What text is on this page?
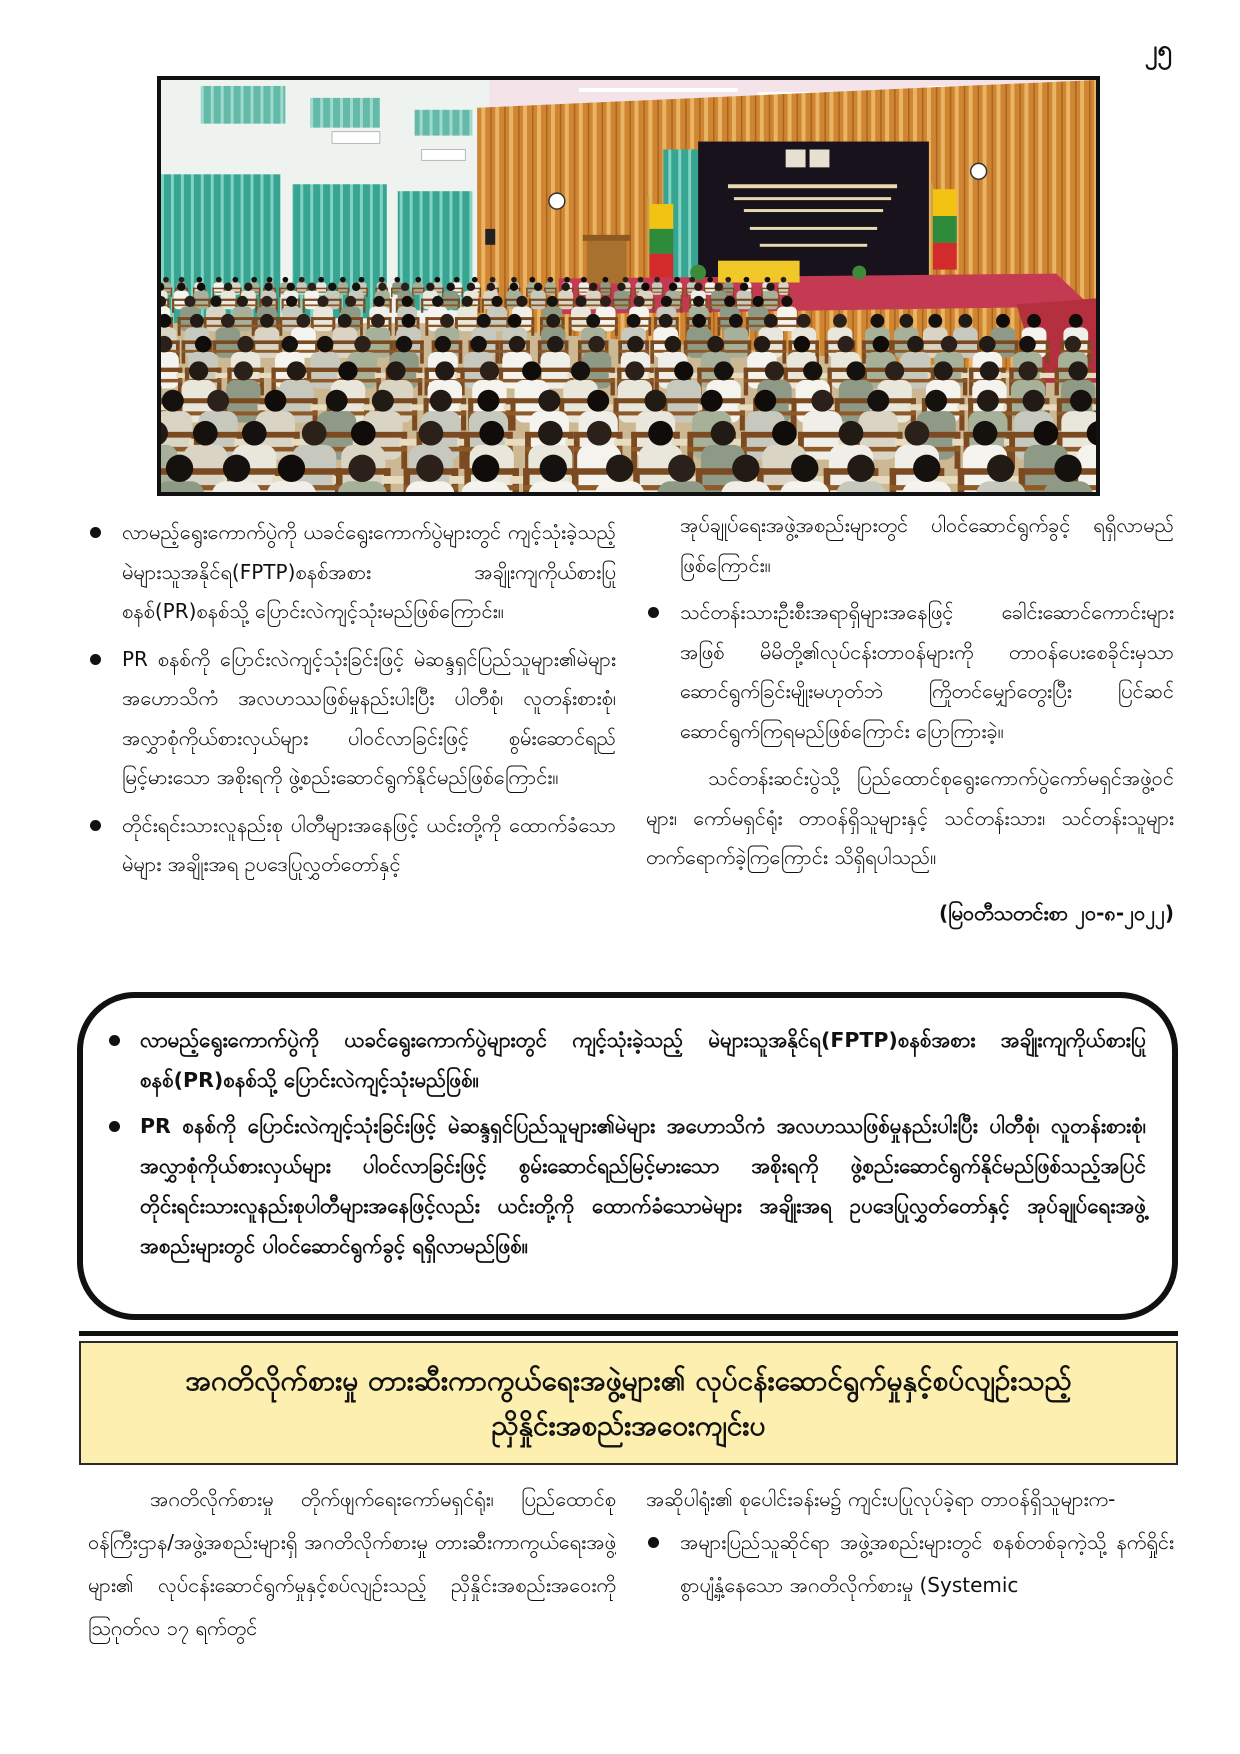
၂၅
လာမည့်ရွေးကောက်ပွဲကို ယခင်ရွေးကောက်ပွဲများတွင် ကျင့်သုံးခဲ့သည့် မဲများသူအနိုင်ရ(FPTP)စနစ်အစား အချိုးကျကိုယ်စားပြုစနစ်(PR)စနစ်သို့ ပြောင်းလဲကျင့်သုံးမည်ဖြစ်ကြောင်း။
PR စနစ်ကို ပြောင်းလဲကျင့်သုံးခြင်းဖြင့် မဲဆန္ဒရှင်ပြည်သူများ၏မဲများ အဟောသိကံ အလဟဿဖြစ်မှုနည်းပါးပြီး ပါတီစုံ၊ လူတန်းစားစုံ၊ အလွှာစုံကိုယ်စားလှယ်များ ပါဝင်လာခြင်းဖြင့် စွမ်းဆောင်ရည်မြင့်မားသော အစိုးရကို ဖွဲ့စည်းဆောင်ရွက်နိုင်မည်ဖြစ်ကြောင်း။
တိုင်းရင်းသားလူနည်းစု ပါတီများအနေဖြင့် ယင်းတို့ကို ထောက်ခံသောမဲများ အချိုးအရ ဥပဒေပြုလွှတ်တော်နှင့်
အုပ်ချုပ်ရေးအဖွဲ့အစည်းများတွင် ပါဝင်ဆောင်ရွက်ခွင့် ရရှိလာမည်ဖြစ်ကြောင်း။
သင်တန်းသားဦးစီးအရာရှိများအနေဖြင့် ခေါင်းဆောင်ကောင်းများအဖြစ် မိမိတို့၏လုပ်ငန်းတာဝန်များကို တာဝန်ပေးစေခိုင်းမှသာ ဆောင်ရွက်ခြင်းမျိုးမဟုတ်ဘဲ ကြိုတင်မျှော်တွေးပြီး ပြင်ဆင်ဆောင်ရွက်ကြရမည်ဖြစ်ကြောင်း ပြောကြားခဲ့။
သင်တန်းဆင်းပွဲသို့ ပြည်ထောင်စုရွေးကောက်ပွဲကော်မရှင်အဖွဲ့ဝင်များ၊ ကော်မရှင်ရုံး တာဝန်ရှိသူများနှင့် သင်တန်းသား၊ သင်တန်းသူများ တက်ရောက်ခဲ့ကြကြောင်း သိရှိရပါသည်။
(မြဝတီသတင်းစာ ၂၀-၈-၂၀၂၂)
လာမည့်ရွေးကောက်ပွဲကို ယခင်ရွေးကောက်ပွဲများတွင် ကျင့်သုံးခဲ့သည့် မဲများသူအနိုင်ရ(FPTP)စနစ်အစား အချိုးကျကိုယ်စားပြုစနစ်(PR)စနစ်သို့ ပြောင်းလဲကျင့်သုံးမည်ဖြစ်။
PR စနစ်ကို ပြောင်းလဲကျင့်သုံးခြင်းဖြင့် မဲဆန္ဒရှင်ပြည်သူများ၏မဲများ အဟောသိကံ အလဟဿဖြစ်မှုနည်းပါးပြီး ပါတီစုံ၊ လူတန်းစားစုံ၊ အလွှာစုံကိုယ်စားလှယ်များ ပါဝင်လာခြင်းဖြင့် စွမ်းဆောင်ရည်မြင့်မားသော အစိုးရကို ဖွဲ့စည်းဆောင်ရွက်နိုင်မည်ဖြစ်သည့်အပြင် တိုင်းရင်းသားလူနည်းစုပါတီများအနေဖြင့်လည်း ယင်းတို့ကို ထောက်ခံသောမဲများ အချိုးအရ ဥပဒေပြုလွှတ်တော်နှင့် အုပ်ချုပ်ရေးအဖွဲ့အစည်းများတွင် ပါဝင်ဆောင်ရွက်ခွင့် ရရှိလာမည်ဖြစ်။
အဂတိလိုက်စားမှု တားဆီးကာကွယ်ရေးအဖွဲ့များ၏ လုပ်ငန်းဆောင်ရွက်မှုနှင့်စပ်လျဉ်းသည့်
ညှိနှိုင်းအစည်းအဝေးကျင်းပ
အဂတိလိုက်စားမှု တိုက်ဖျက်ရေးကော်မရှင်ရုံး၊ ပြည်ထောင်စုဝန်ကြီးဌာန/အဖွဲ့အစည်းများရှိ အဂတိလိုက်စားမှု တားဆီးကာကွယ်ရေးအဖွဲ့များ၏ လုပ်ငန်းဆောင်ရွက်မှုနှင့်စပ်လျဉ်းသည့် ညှိနှိုင်းအစည်းအဝေးကို ဩဂုတ်လ ၁၇ ရက်တွင်
အဆိုပါရုံး၏ စုပေါင်းခန်းမ၌ ကျင်းပပြုလုပ်ခဲ့ရာ တာဝန်ရှိသူများက-
အများပြည်သူဆိုင်ရာ အဖွဲ့အစည်းများတွင် စနစ်တစ်ခုကဲ့သို့ နက်ရှိုင်းစွာပျံ့နှံ့နေသော အဂတိလိုက်စားမှု (Systemic
